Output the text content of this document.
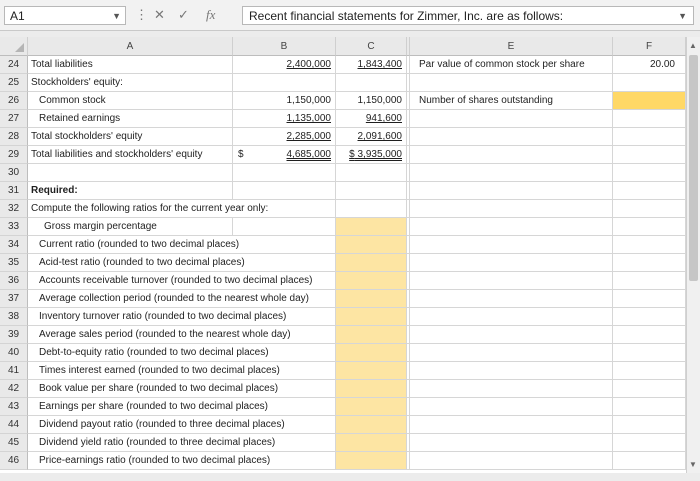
A1	▼ ⋮ ✕ ✓ fx	Recent financial statements for Zimmer, Inc. are as follows:	▼
A	B	C	E	F
24	Total liabilities	2,400,000	1,843,400	Par value of common stock per share	20.00
25	Stockholders' equity:
26	Common stock	1,150,000	1,150,000	Number of shares outstanding
27	Retained earnings	1,135,000	941,600
28	Total stockholders' equity	2,285,000	2,091,600
29	Total liabilities and stockholders' equity	$	4,685,000	$ 3,935,000
30
31	Required:
32	Compute the following ratios for the current year only:
33	Gross margin percentage
34	Current ratio (rounded to two decimal places)
35	Acid-test ratio (rounded to two decimal places)
36	Accounts receivable turnover (rounded to two decimal places)
37	Average collection period (rounded to the nearest whole day)
38	Inventory turnover ratio (rounded to two decimal places)
39	Average sales period (rounded to the nearest whole day)
40	Debt-to-equity ratio (rounded to two decimal places)
41	Times interest earned (rounded to two decimal places)
42	Book value per share (rounded to two decimal places)
43	Earnings per share (rounded to two decimal places)
44	Dividend payout ratio (rounded to three decimal places)
45	Dividend yield ratio (rounded to three decimal places)
46	Price-earnings ratio (rounded to two decimal places)
▲
▼
